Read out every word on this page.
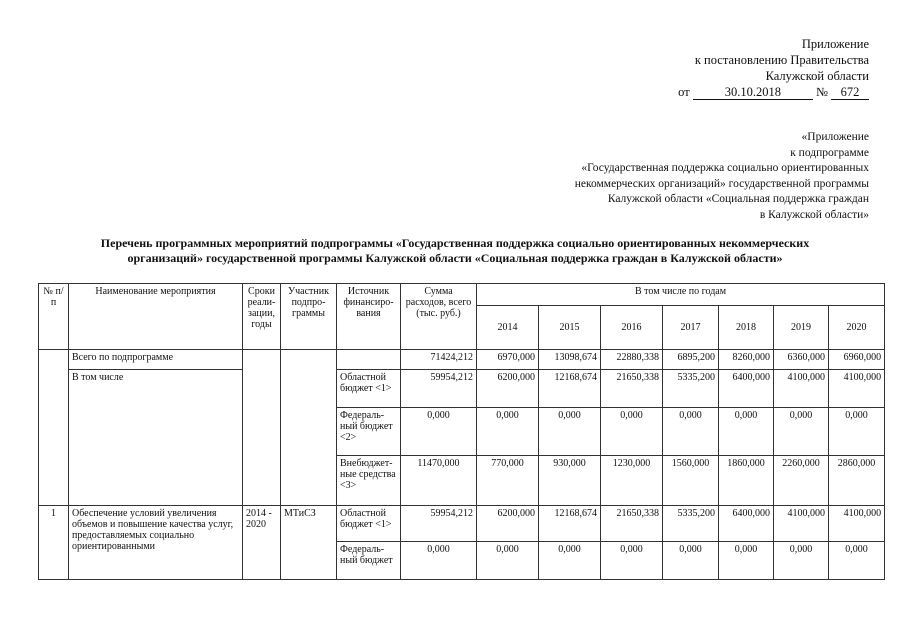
Приложение
к постановлению Правительства
Калужской области
от	30.10.2018	№ 672
«Приложение
к подпрограмме
«Государственная поддержка социально ориентированных
некоммерческих организаций» государственной программы
Калужской области «Социальная поддержка граждан
в Калужской области»
Перечень программных мероприятий подпрограммы «Государственная поддержка социально ориентированных некоммерческих
организаций» государственной программы Калужской области «Социальная поддержка граждан в Калужской области»
№ п/п	Наименование мероприятия	Сроки реали-зации, годы	Участник подпро-граммы	Источник финансиро-вания	Сумма расходов, всего (тыс. руб.)	В том числе по годам						
						2014	2015	2016	2017	2018	2019	2020
	Всего по подпрограмме				71424,212	6970,000	13098,674	22880,338	6895,200	8260,000	6360,000	6960,000
	В том числе			Областной бюджет <1>	59954,212	6200,000	12168,674	21650,338	5335,200	6400,000	4100,000	4100,000
				Федераль-ный бюджет <2>	0,000	0,000	0,000	0,000	0,000	0,000	0,000	0,000
				Внебюджет-ные средства <3>	11470,000	770,000	930,000	1230,000	1560,000	1860,000	2260,000	2860,000
1	Обеспечение условий увеличения объемов и повышение качества услуг, предоставляемых социально ориентированными	2014 - 2020	МТиСЗ	Областной бюджет <1>	59954,212	6200,000	12168,674	21650,338	5335,200	6400,000	4100,000	4100,000
				Федераль-ный бюджет	0,000	0,000	0,000	0,000	0,000	0,000	0,000	0,000
